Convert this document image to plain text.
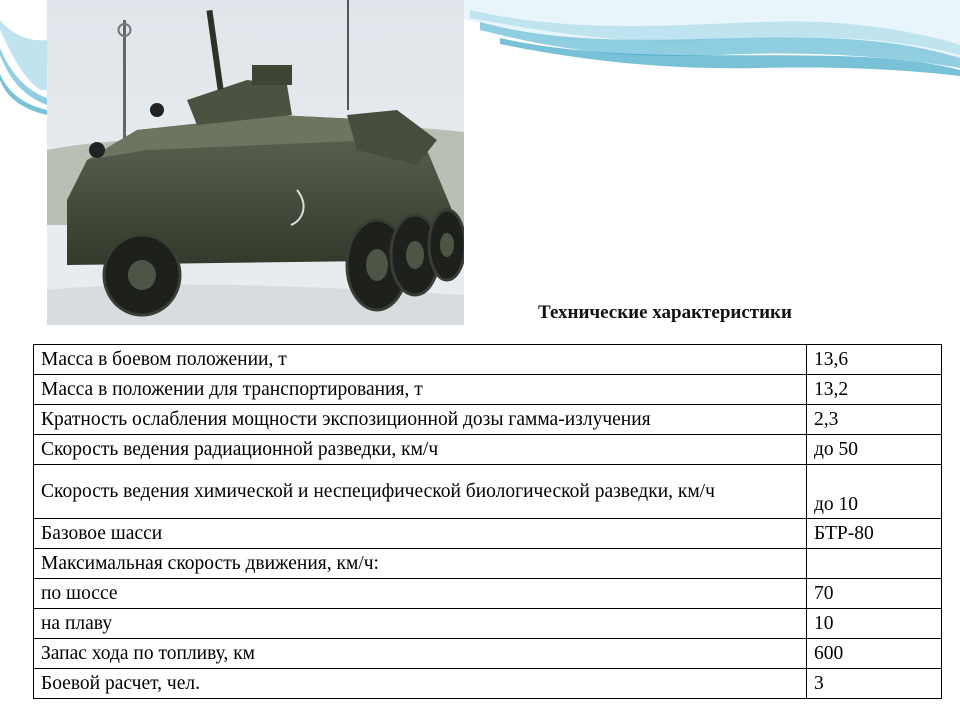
Технические характеристики
Масса в боевом положении, т	13,6
Масса в положении для транспортирования, т	13,2
Кратность ослабления мощности экспозиционной дозы гамма-излучения	2,3
Скорость ведения радиационной разведки, км/ч	до 50
Скорость ведения химической и неспецифической биологической разведки, км/ч	до 10
Базовое шасси	БТР-80
Максимальная скорость движения, км/ч:	
по шоссе	70
на плаву	10
Запас хода по топливу, км	600
Боевой расчет, чел.	3
